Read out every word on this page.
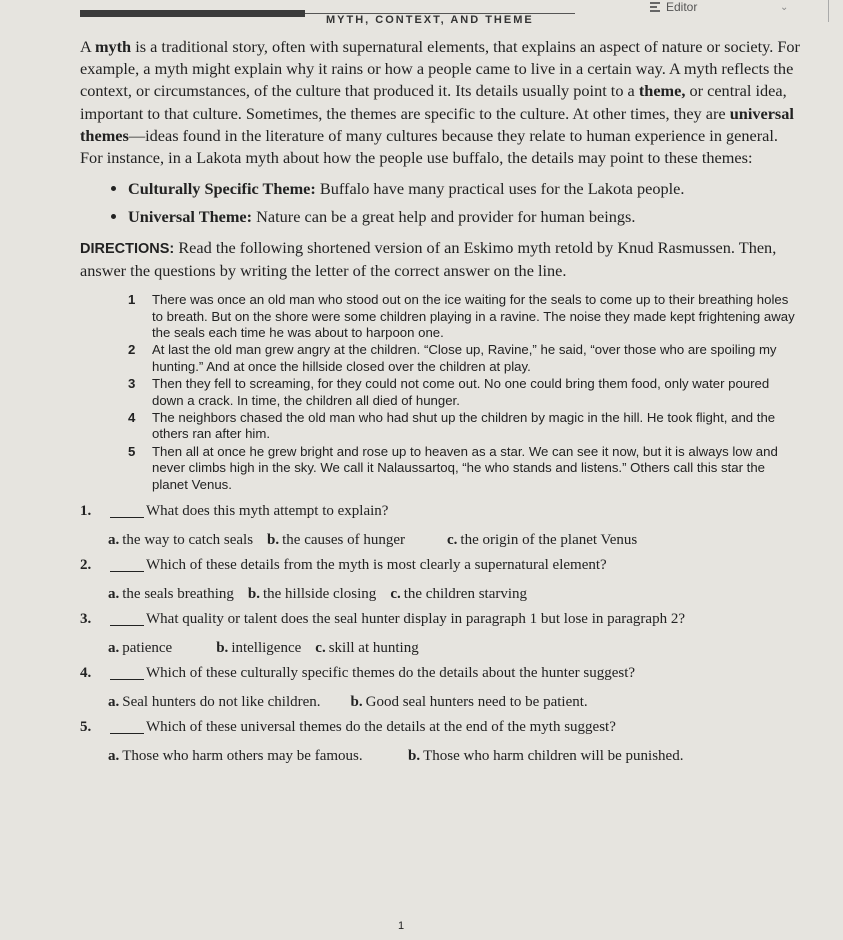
MYTH, CONTEXT, AND THEME
Editor	⌄

A myth is a traditional story, often with supernatural elements, that explains an aspect of nature or society. For example, a myth might explain why it rains or how a people came to live in a certain way. A myth reflects the context, or circumstances, of the culture that produced it. Its details usually point to a theme, or central idea, important to that culture. Sometimes, the themes are specific to the culture. At other times, they are universal themes—ideas found in the literature of many cultures because they relate to human experience in general. For instance, in a Lakota myth about how the people use buffalo, the details may point to these themes:

• Culturally Specific Theme: Buffalo have many practical uses for the Lakota people.
• Universal Theme: Nature can be a great help and provider for human beings.

DIRECTIONS: Read the following shortened version of an Eskimo myth retold by Knud Rasmussen. Then, answer the questions by writing the letter of the correct answer on the line.

1	There was once an old man who stood out on the ice waiting for the seals to come up to their breathing holes to breath. But on the shore were some children playing in a ravine. The noise they made kept frightening away the seals each time he was about to harpoon one.
2	At last the old man grew angry at the children. “Close up, Ravine,” he said, “over those who are spoiling my hunting.” And at once the hillside closed over the children at play.
3	Then they fell to screaming, for they could not come out. No one could bring them food, only water poured down a crack. In time, the children all died of hunger.
4	The neighbors chased the old man who had shut up the children by magic in the hill. He took flight, and the others ran after him.
5	Then all at once he grew bright and rose up to heaven as a star. We can see it now, but it is always low and never climbs high in the sky. We call it Nalaussartoq, “he who stands and listens.” Others call this star the planet Venus.
1.	What does this myth attempt to explain?
a. the way to catch seals b. the causes of hunger	c. the origin of the planet Venus
2.	Which of these details from the myth is most clearly a supernatural element?
a. the seals breathing b. the hillside closing c. the children starving
3.	What quality or talent does the seal hunter display in paragraph 1 but lose in paragraph 2?
a. patience	b. intelligence c. skill at hunting
4.	Which of these culturally specific themes do the details about the hunter suggest?
a. Seal hunters do not like children. b. Good seal hunters need to be patient.
5.	Which of these universal themes do the details at the end of the myth suggest?
a. Those who harm others may be famous.	b. Those who harm children will be punished.
1
